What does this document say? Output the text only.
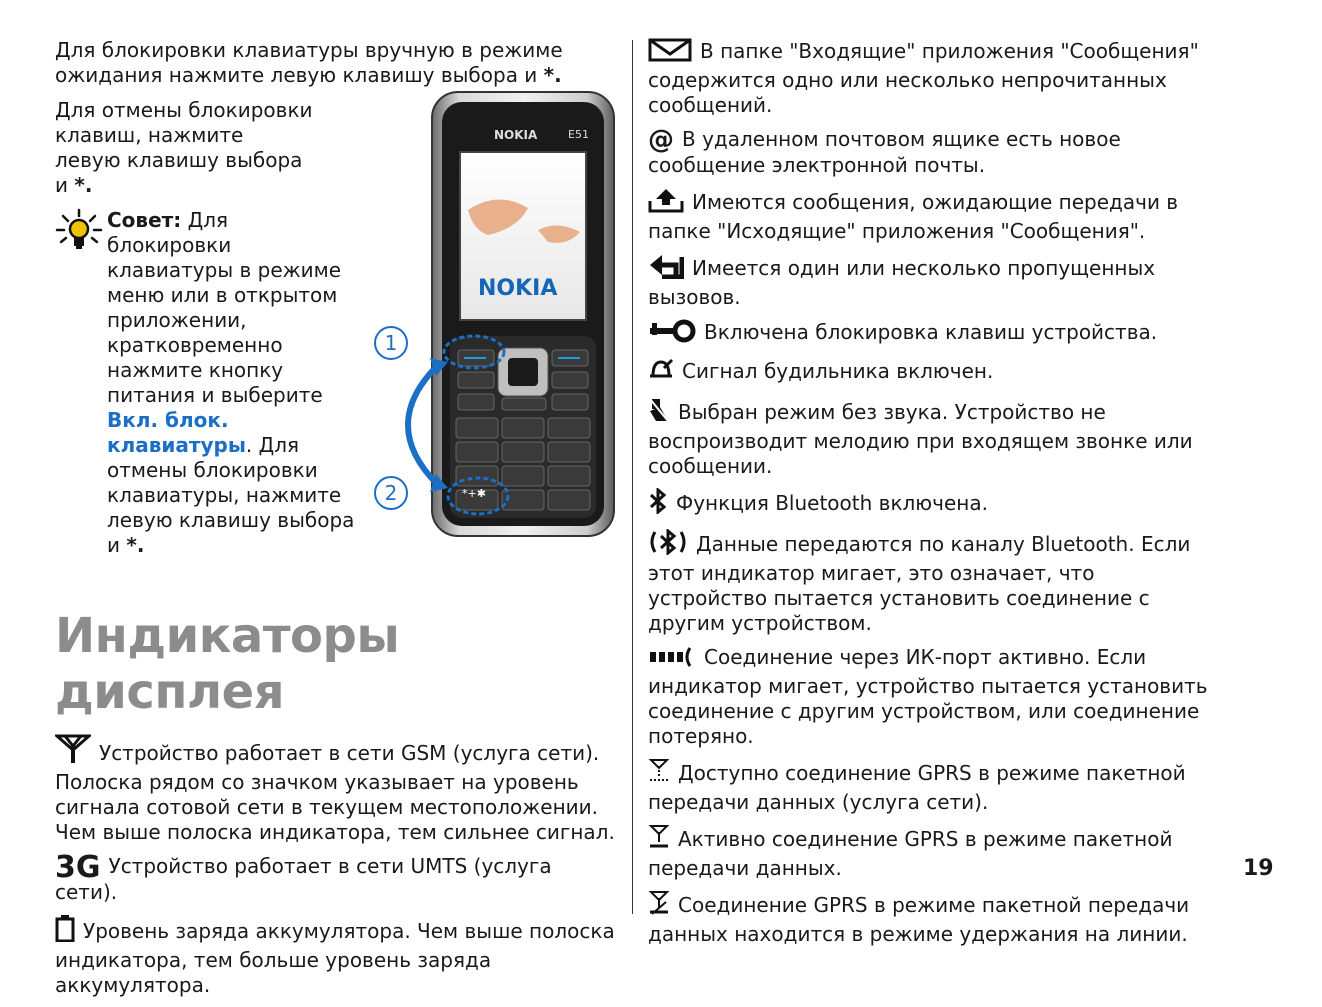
Для блокировки клавиатуры вручную в режиме ожидания нажмите левую клавишу выбора и *.

Для отмены блокировки клавиш, нажмите левую клавишу выбора и *.

Совет: Для блокировки клавиатуры в режиме меню или в открытом приложении, кратковременно нажмите кнопку питания и выберите Вкл. блок. клавиатуры. Для отмены блокировки клавиатуры, нажмите левую клавишу выбора и *.

Индикаторы дисплея

Устройство работает в сети GSM (услуга сети). Полоска рядом со значком указывает на уровень сигнала сотовой сети в текущем местоположении. Чем выше полоска индикатора, тем сильнее сигнал.

3G Устройство работает в сети UMTS (услуга сети).

Уровень заряда аккумулятора. Чем выше полоска индикатора, тем больше уровень заряда аккумулятора.

NOKIA	E51
NOKIA
*+✱
1
2

В папке "Входящие" приложения "Сообщения" содержится одно или несколько непрочитанных сообщений.

@ В удаленном почтовом ящике есть новое сообщение электронной почты.

Имеются сообщения, ожидающие передачи в папке "Исходящие" приложения "Сообщения".

Имеется один или несколько пропущенных вызовов.

Включена блокировка клавиш устройства.

Сигнал будильника включен.

Выбран режим без звука. Устройство не воспроизводит мелодию при входящем звонке или сообщении.

Функция Bluetooth включена.

Данные передаются по каналу Bluetooth. Если этот индикатор мигает, это означает, что устройство пытается установить соединение с другим устройством.

Соединение через ИК-порт активно. Если индикатор мигает, устройство пытается установить соединение с другим устройством, или соединение потеряно.

Доступно соединение GPRS в режиме пакетной передачи данных (услуга сети).

Активно соединение GPRS в режиме пакетной передачи данных.

Соединение GPRS в режиме пакетной передачи данных находится в режиме удержания на линии.

19
